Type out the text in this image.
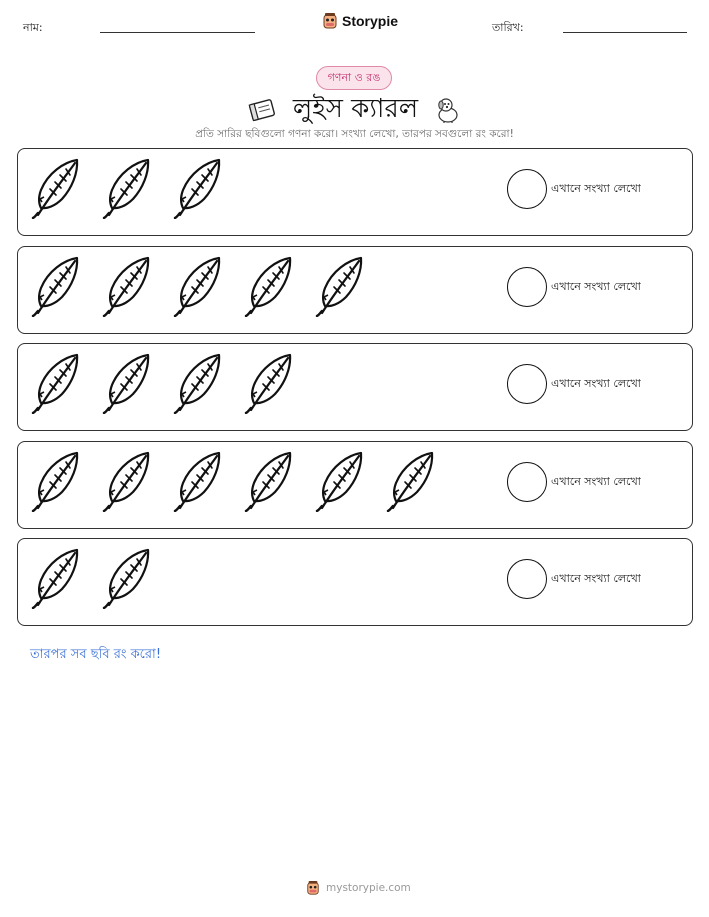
নাম:	Storypie	তারিখ:
গণনা ও রঙ
লুইস ক্যারল
প্রতি সারির ছবিগুলো গণনা করো। সংখ্যা লেখো, তারপর সবগুলো রং করো!
এখানে সংখ্যা লেখো
এখানে সংখ্যা লেখো
এখানে সংখ্যা লেখো
এখানে সংখ্যা লেখো
এখানে সংখ্যা লেখো
তারপর সব ছবি রং করো!
mystorypie.com
